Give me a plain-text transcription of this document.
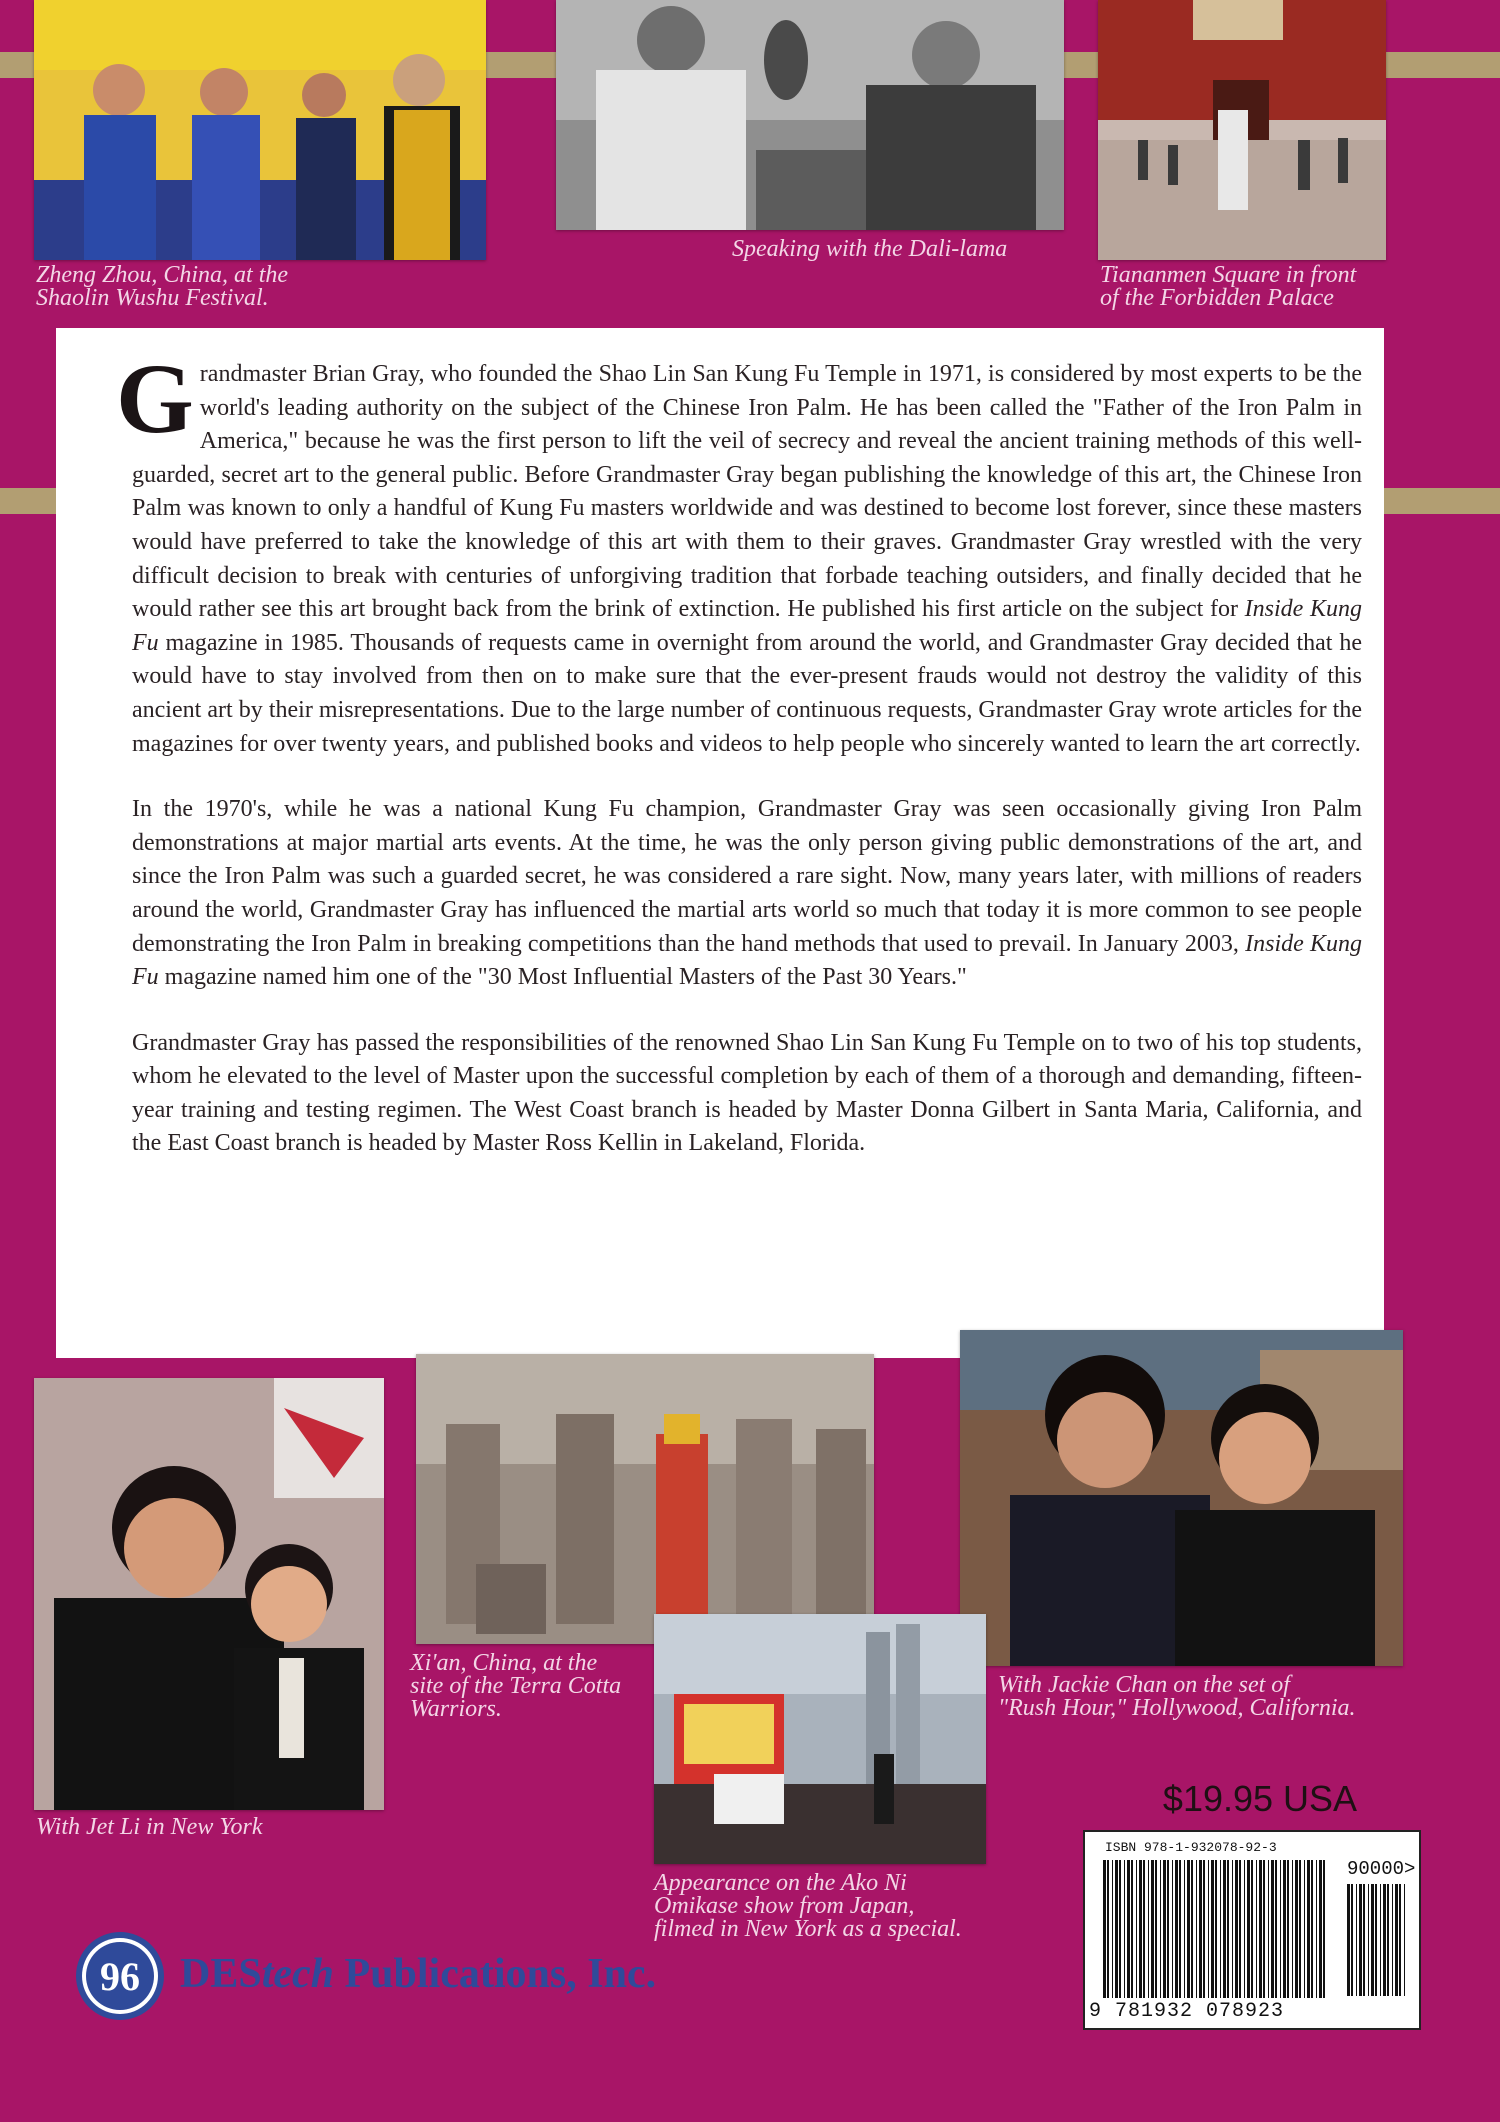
Zheng Zhou, China, at the
Shaolin Wushu Festival.
Speaking with the Dali-lama
Tiananmen Square in front
of the Forbidden Palace

Grandmaster Brian Gray, who founded the Shao Lin San Kung Fu Temple in 1971, is considered by most experts to be the world's leading authority on the subject of the Chinese Iron Palm. He has been called the "Father of the Iron Palm in America," because he was the first person to lift the veil of secrecy and reveal the ancient training methods of this well-guarded, secret art to the general public. Before Grandmaster Gray began publishing the knowledge of this art, the Chinese Iron Palm was known to only a handful of Kung Fu masters worldwide and was destined to become lost forever, since these masters would have preferred to take the knowledge of this art with them to their graves. Grandmaster Gray wrestled with the very difficult decision to break with centuries of unforgiving tradition that forbade teaching outsiders, and finally decided that he would rather see this art brought back from the brink of extinction. He published his first article on the subject for Inside Kung Fu magazine in 1985. Thousands of requests came in overnight from around the world, and Grandmaster Gray decided that he would have to stay involved from then on to make sure that the ever-present frauds would not destroy the validity of this ancient art by their misrepresentations. Due to the large number of continuous requests, Grandmaster Gray wrote articles for the magazines for over twenty years, and published books and videos to help people who sincerely wanted to learn the art correctly.

In the 1970's, while he was a national Kung Fu champion, Grandmaster Gray was seen occasionally giving Iron Palm demonstrations at major martial arts events. At the time, he was the only person giving public demonstrations of the art, and since the Iron Palm was such a guarded secret, he was considered a rare sight. Now, many years later, with millions of readers around the world, Grandmaster Gray has influenced the martial arts world so much that today it is more common to see people demonstrating the Iron Palm in breaking competitions than the hand methods that used to prevail. In January 2003, Inside Kung Fu magazine named him one of the "30 Most Influential Masters of the Past 30 Years."

Grandmaster Gray has passed the responsibilities of the renowned Shao Lin San Kung Fu Temple on to two of his top students, whom he elevated to the level of Master upon the successful completion by each of them of a thorough and demanding, fifteen-year training and testing regimen. The West Coast branch is headed by Master Donna Gilbert in Santa Maria, California, and the East Coast branch is headed by Master Ross Kellin in Lakeland, Florida.

With Jet Li in New York
Xi'an, China, at the
site of the Terra Cotta
Warriors.
With Jackie Chan on the set of
"Rush Hour," Hollywood, California.
Appearance on the Ako Ni
Omikase show from Japan,
filmed in New York as a special.
$19.95 USA
ISBN 978-1-932078-92-3
90000>
9 781932 078923
96 DEStech Publications, Inc.
